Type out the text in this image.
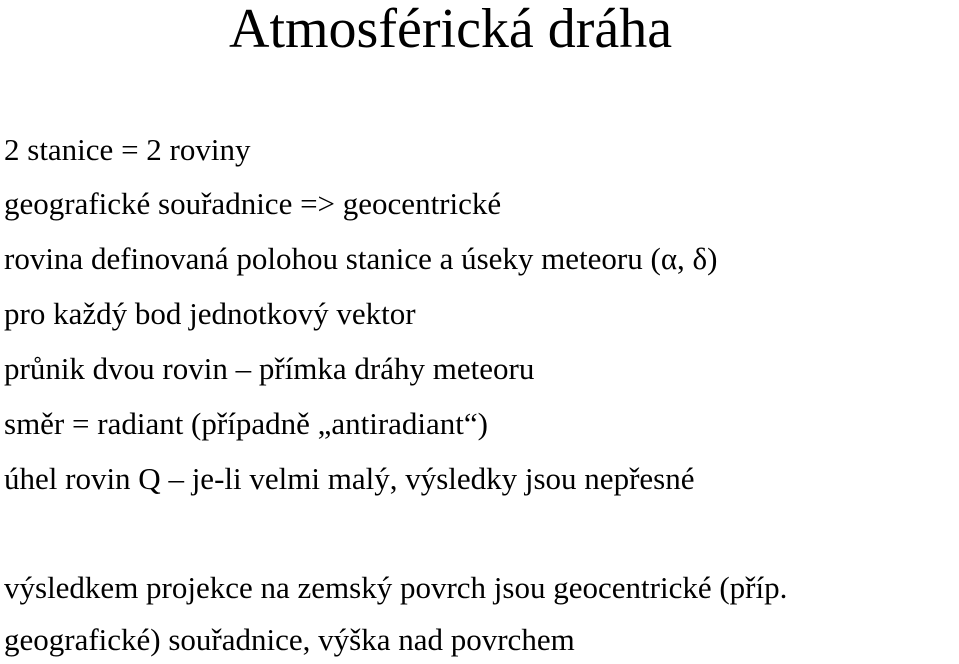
Atmosférická dráha
2 stanice = 2 roviny
geografické souřadnice => geocentrické
rovina definovaná polohou stanice a úseky meteoru (α, δ)
pro každý bod jednotkový vektor
průnik dvou rovin – přímka dráhy meteoru
směr = radiant (případně „antiradiant“)
úhel rovin Q – je-li velmi malý, výsledky jsou nepřesné
výsledkem projekce na zemský povrch jsou geocentrické (příp.
geografické) souřadnice, výška nad povrchem
